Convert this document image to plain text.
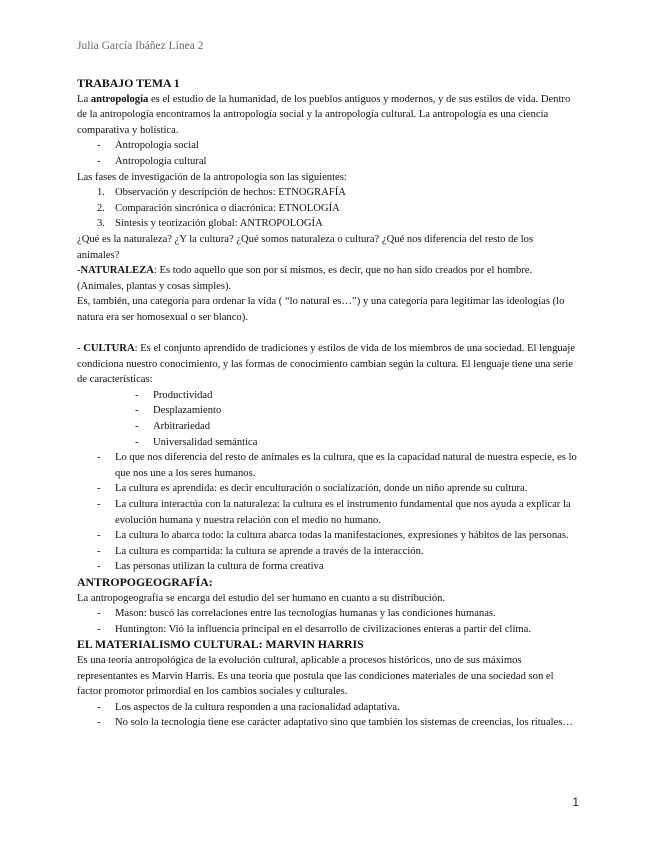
Julia García Ibáñez Línea 2
TRABAJO TEMA 1

La antropología es el estudio de la humanidad, de los pueblos antiguos y modernos, y de sus estilos de vida. Dentro de la antropología encontramos la antropología social y la antropología cultural. La antropología es una ciencia comparativa y holística.

- Antropología social
- Antropología cultural

Las fases de investigación de la antropología son las siguientes:

1. Observación y descripción de hechos: ETNOGRAFÍA
2. Comparación sincrónica o diacrónica: ETNOLOGÍA
3. Síntesis y teorización global: ANTROPOLOGÍA

¿Qué es la naturaleza? ¿Y la cultura? ¿Qué somos naturaleza o cultura? ¿Qué nos diferencia del resto de los animales?

-NATURALEZA: Es todo aquello que son por sí mismos, es decir, que no han sido creados por el hombre. (Animales, plantas y cosas simples).

Es, también, una categoría para ordenar la vida ( “lo natural es…”) y una categoría para legitimar las ideologías (lo natura era ser homosexual o ser blanco).

- CULTURA: Es el conjunto aprendido de tradiciones y estilos de vida de los miembros de una sociedad. El lenguaje condiciona nuestro conocimiento, y las formas de conocimiento cambian según la cultura. El lenguaje tiene una serie de características:

- Productividad
- Desplazamiento
- Arbitrariedad
- Universalidad semántica
- Lo que nos diferencia del resto de animales es la cultura, que es la capacidad natural de nuestra especie, es lo que nos une a los seres humanos.
- La cultura es aprendida: es decir enculturación o socialización, donde un niño aprende su cultura.
- La cultura interactúa con la naturaleza: la cultura es el instrumento fundamental que nos ayuda a explicar la evolución humana y nuestra relación con el medio no humano.
- La cultura lo abarca todo: la cultura abarca todas la manifestaciones, expresiones y hábitos de las personas.
- La cultura es compartida: la cultura se aprende a través de la interacción.
- Las personas utilizan la cultura de forma creativa
ANTROPOGEOGRAFÍA:

La antropogeografía se encarga del estudio del ser humano en cuanto a su distribución.

- Mason: buscó las correlaciones entre las tecnologías humanas y las condiciones humanas.
- Huntington: Vió la influencia principal en el desarrollo de civilizaciones enteras a partir del clima.
EL MATERIALISMO CULTURAL: MARVIN HARRIS

Es una teoría antropológica de la evolución cultural, aplicable a procesos históricos, uno de sus máximos representantes es Marvin Harris. Es una teoría que postula que las condiciones materiales de una sociedad son el factor promotor primordial en los cambios sociales y culturales.

- Los aspectos de la cultura responden a una racionalidad adaptativa.
- No solo la tecnología tiene ese carácter adaptativo sino que también los sistemas de creencias, los rituales…
1
